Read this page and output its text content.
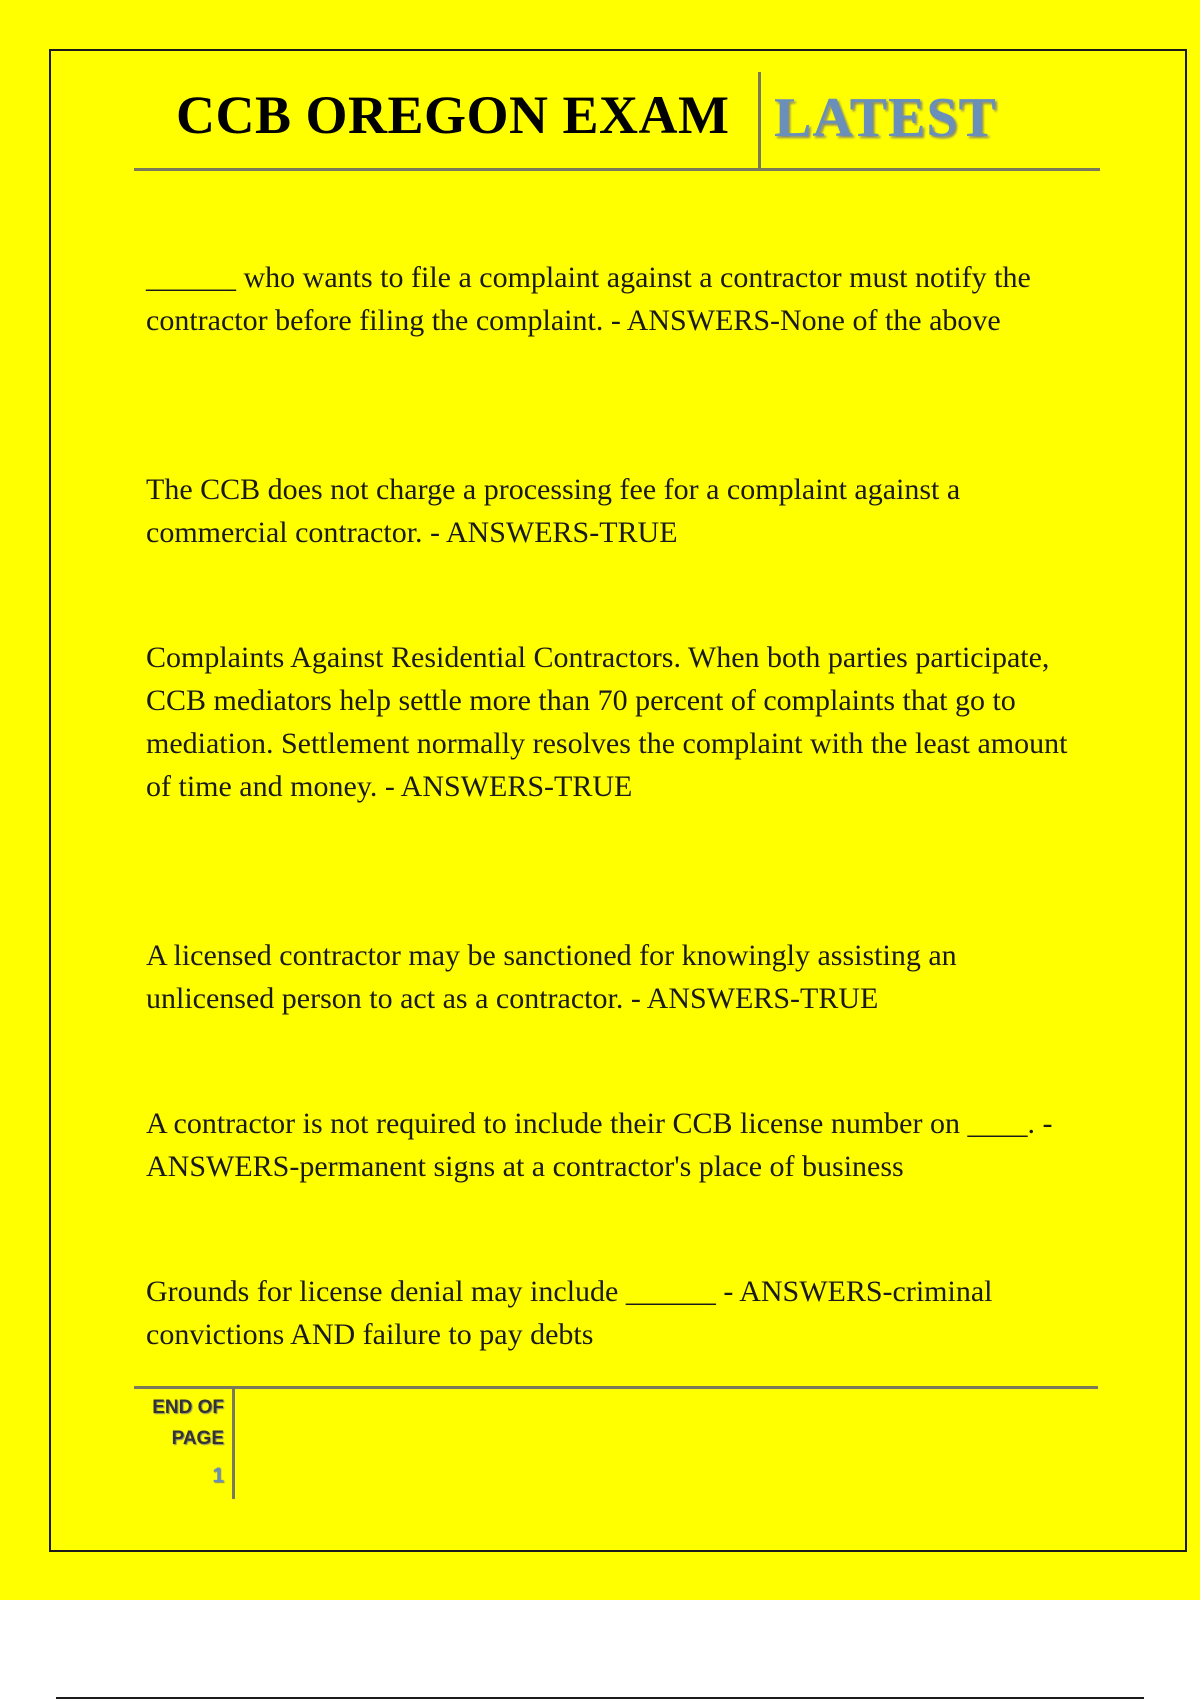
CCB OREGON EXAM LATEST

______ who wants to file a complaint against a contractor must notify the contractor before filing the complaint. - ANSWERS-None of the above

The CCB does not charge a processing fee for a complaint against a commercial contractor. - ANSWERS-TRUE

Complaints Against Residential Contractors. When both parties participate, CCB mediators help settle more than 70 percent of complaints that go to mediation. Settlement normally resolves the complaint with the least amount of time and money. - ANSWERS-TRUE

A licensed contractor may be sanctioned for knowingly assisting an unlicensed person to act as a contractor. - ANSWERS-TRUE

A contractor is not required to include their CCB license number on ____. - ANSWERS-permanent signs at a contractor's place of business

Grounds for license denial may include ______ - ANSWERS-criminal convictions AND failure to pay debts

END OF
PAGE
1
